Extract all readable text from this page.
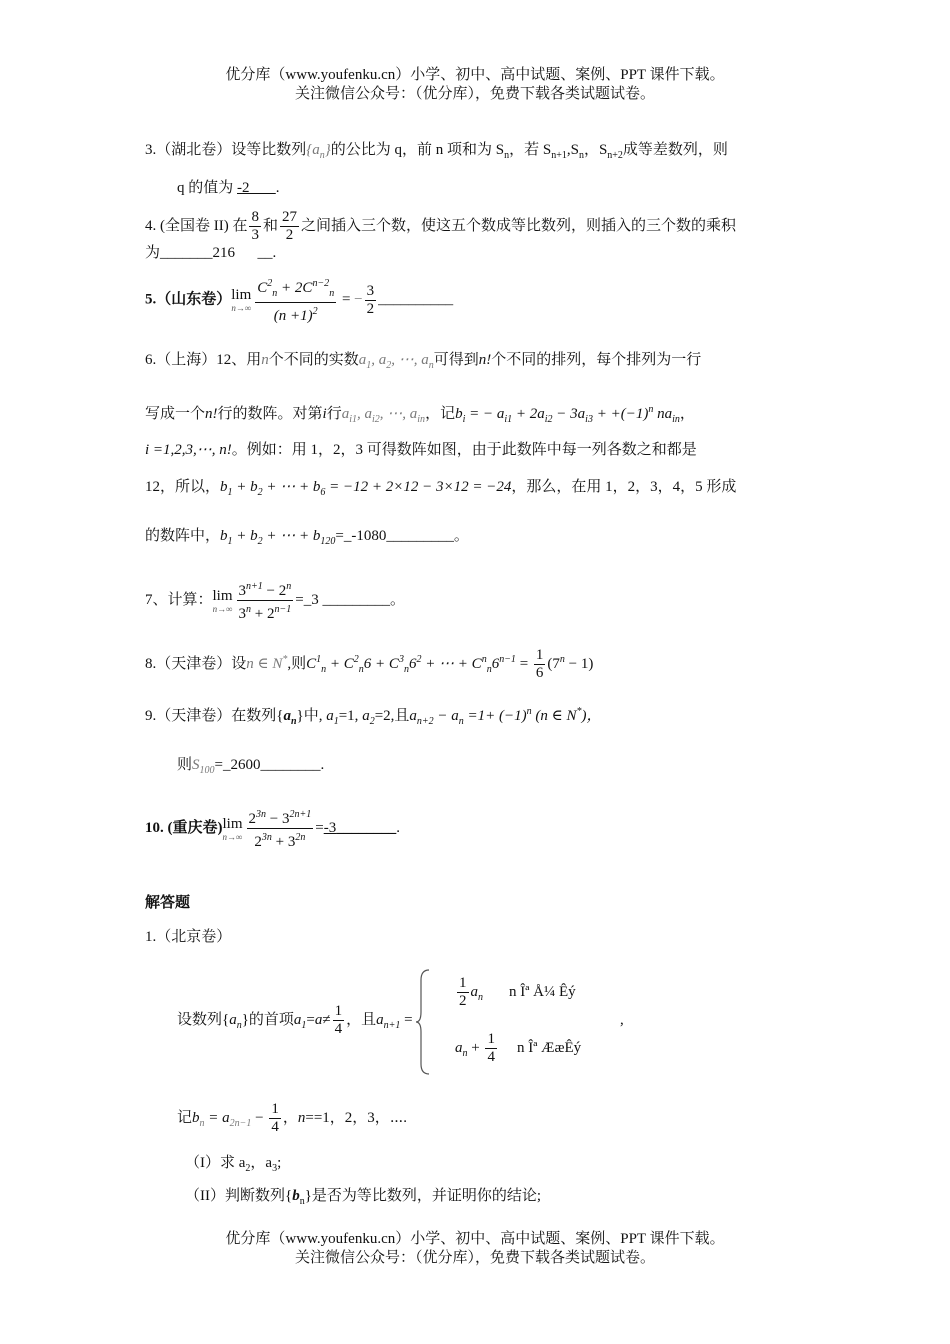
优分库（www.youfenku.cn）小学、初中、高中试题、案例、PPT 课件下载。
关注微信公众号：（优分库），免费下载各类试题试卷。
3.（湖北卷）设等比数列$\{a_n\}$的公比为 q，前 n 项和为 $S_n$，若 $S_{n+1},S_n$，$S_{n+2}$成等差数列，则
q 的值为 -2 .
4. (全国卷 II) 在 $\frac{8}{3}$ 和 $\frac{27}{2}$ 之间插入三个数，使这五个数成等比数列，则插入的三个数的乘积
为_______216 __.
5.（山东卷） lim
$n\to\infty \frac{C^2_n + 2C^{n-2}_n}{(n +1)^2}$ = − $\frac{3}{2}$ __________
6.（上海）12、用n个不同的实数$a_1$, $a_2$, ⋯, $a_n$可得到n!个不同的排列，每个排列为一行
写成一个n!行的数阵。对第i行$a_{i1}$, $a_{i2}$, ⋯, $a_{in}$，记$b_i$ = − $a_{i1} + 2a_{i2} - 3a_{i3} + +(-1)^n$ $na_{in}$，
i =1,2,3,⋯, n!。例如：用 1，2，3 可得数阵如图，由于此数阵中每一列各数之和都是
12，所以，$b_1 + b_2$ + ⋯ + $b_6 = -12 + 2\times 12 - 3\times 12 = -24$，那么，在用 1，2，3，4，5 形成
的数阵中，$b_1 + b_2$ + ⋯ + $b_{120}=\_-1080\_\_\_\_\_\_\_\_\_$。
7、计算： lim
$n\to\infty \frac{3^{n+1} - 2^n}{3^n + 2^{n-1}}$ =_3 _________。
8.（天津卷）设n ∈ N*,则$C^1_n + C^2_n6 + C^3_n6^2$ + ⋯ + $C^n_n6^{n-1} = \frac{1}{6} (7^n - 1)$
9.（天津卷）在数列$\{a_n\}$中, $a_1=1$, $a_2=2$,且$a_{n+2} - a_n =1+ (-1)^n$ (n ∈ N*)，
则$S_{100}=\_2600\_\_\_\_\_\_\_\_$.
10. (重庆卷) lim
$n\to\infty \frac{2^{3n} - 3^{2n+1}}{2^{3n} + 3^{2n}}$ =-3________.
解答题
1.（北京卷）
设数列$\{a_n\}$的首项$a_1=a\ne \frac{1}{4}$ ，且$a_{n+1}$ =
$\frac{1}{2} a_n$ n Îª Å¼ Êý
$a_n + \frac{1}{4}$ n Îª ÆæÊý
,
记$b_n = a_{2n-1} - \frac{1}{4}$ ，n==1，2，3，⋯.
（I）求 $a_2$，$a_3$;
（II）判断数列$\{b_n\}$是否为等比数列，并证明你的结论;
优分库（www.youfenku.cn）小学、初中、高中试题、案例、PPT 课件下载。
关注微信公众号：（优分库），免费下载各类试题试卷。
